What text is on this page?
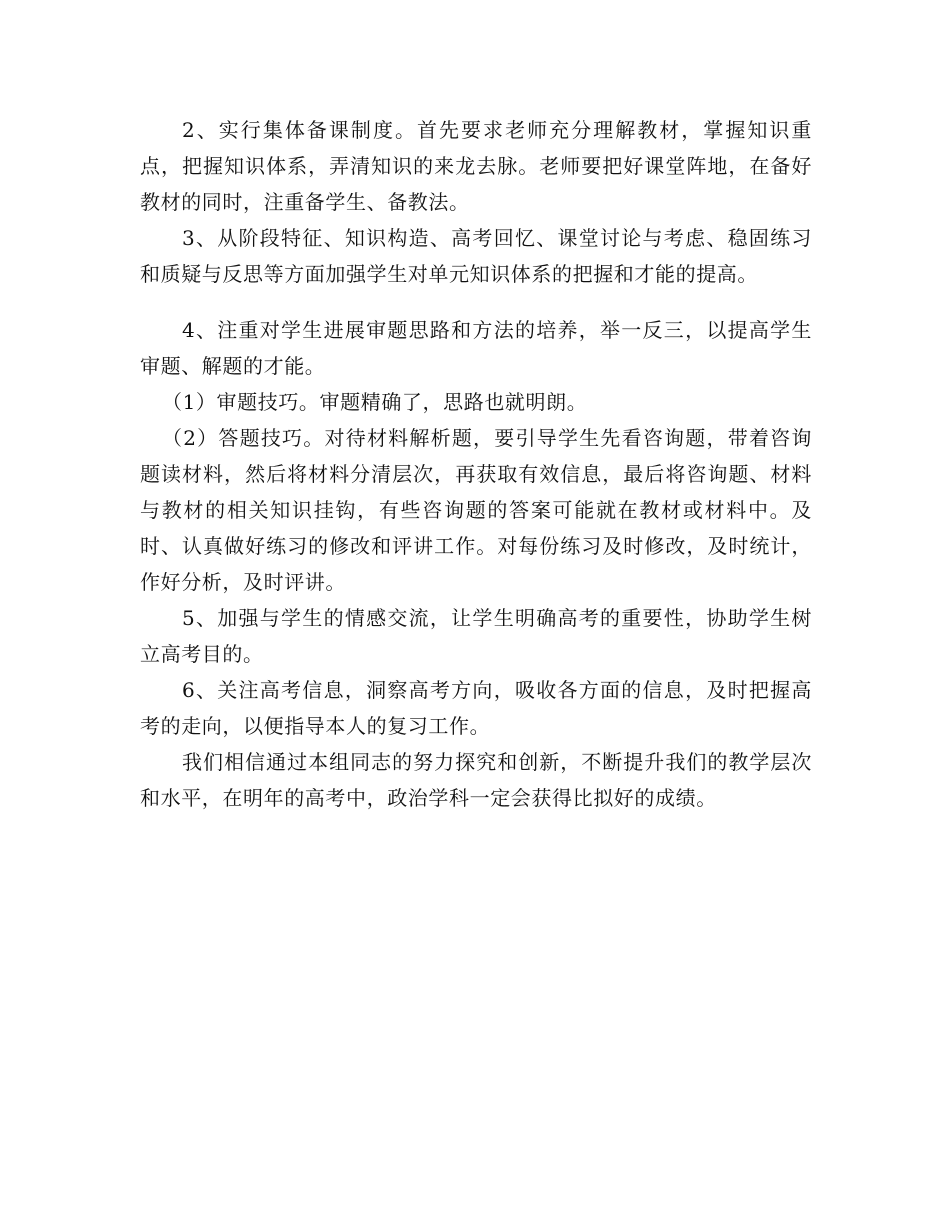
2、实行集体备课制度。首先要求老师充分理解教材，掌握知识重点，把握知识体系，弄清知识的来龙去脉。老师要把好课堂阵地，在备好教材的同时，注重备学生、备教法。

3、从阶段特征、知识构造、高考回忆、课堂讨论与考虑、稳固练习和质疑与反思等方面加强学生对单元知识体系的把握和才能的提高。

4、注重对学生进展审题思路和方法的培养，举一反三，以提高学生审题、解题的才能。

（1）审题技巧。审题精确了，思路也就明朗。

（2）答题技巧。对待材料解析题，要引导学生先看咨询题，带着咨询题读材料，然后将材料分清层次，再获取有效信息，最后将咨询题、材料与教材的相关知识挂钩，有些咨询题的答案可能就在教材或材料中。及时、认真做好练习的修改和评讲工作。对每份练习及时修改，及时统计，作好分析，及时评讲。

5、加强与学生的情感交流，让学生明确高考的重要性，协助学生树立高考目的。

6、关注高考信息，洞察高考方向，吸收各方面的信息，及时把握高考的走向，以便指导本人的复习工作。

我们相信通过本组同志的努力探究和创新，不断提升我们的教学层次和水平，在明年的高考中，政治学科一定会获得比拟好的成绩。
